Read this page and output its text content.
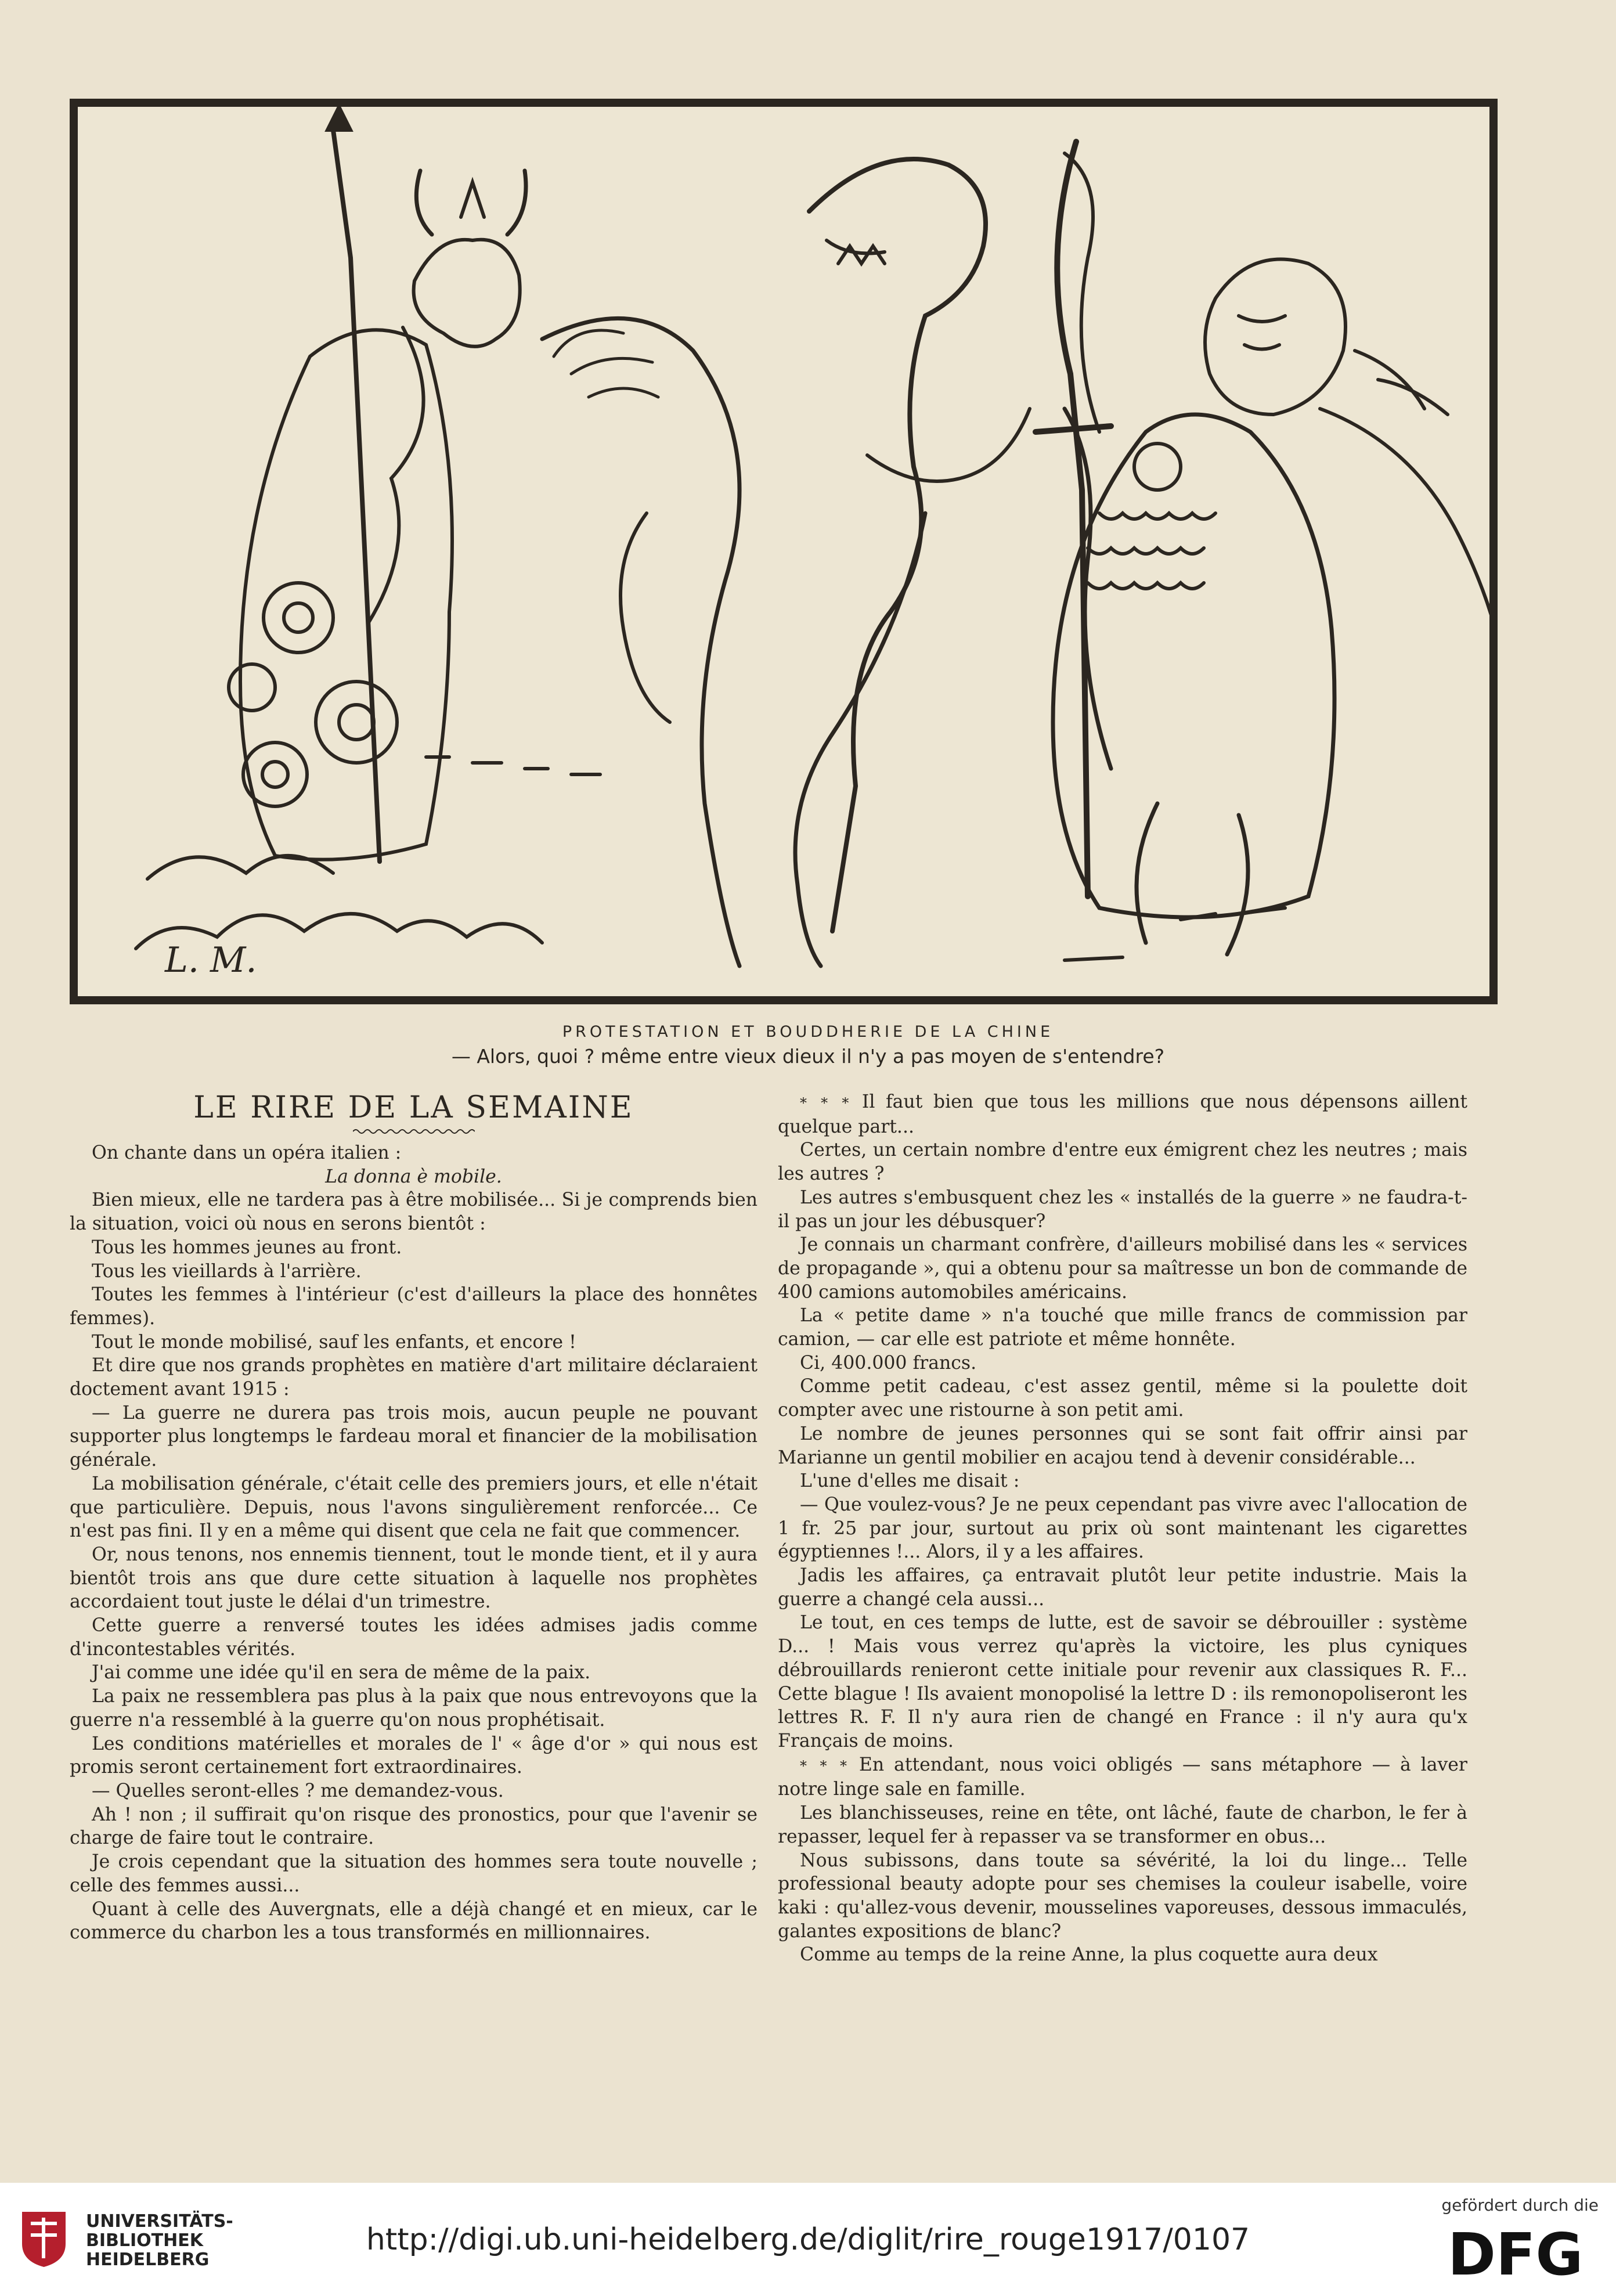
L. M.
PROTESTATION ET BOUDDHERIE DE LA CHINE
— Alors, quoi ? même entre vieux dieux il n'y a pas moyen de s'entendre?
LE RIRE DE LA SEMAINE

On chante dans un opéra italien :

La donna è mobile.

Bien mieux, elle ne tardera pas à être mobilisée... Si je comprends bien la situation, voici où nous en serons bientôt :

Tous les hommes jeunes au front.

Tous les vieillards à l'arrière.

Toutes les femmes à l'intérieur (c'est d'ailleurs la place des honnêtes femmes).

Tout le monde mobilisé, sauf les enfants, et encore !

Et dire que nos grands prophètes en matière d'art militaire déclaraient doctement avant 1915 :

— La guerre ne durera pas trois mois, aucun peuple ne pouvant supporter plus longtemps le fardeau moral et financier de la mobilisation générale.

La mobilisation générale, c'était celle des premiers jours, et elle n'était que particulière. Depuis, nous l'avons singulièrement renforcée... Ce n'est pas fini. Il y en a même qui disent que cela ne fait que commencer.

Or, nous tenons, nos ennemis tiennent, tout le monde tient, et il y aura bientôt trois ans que dure cette situation à laquelle nos prophètes accordaient tout juste le délai d'un trimestre.

Cette guerre a renversé toutes les idées admises jadis comme d'incontestables vérités.

J'ai comme une idée qu'il en sera de même de la paix.

La paix ne ressemblera pas plus à la paix que nous entrevoyons que la guerre n'a ressemblé à la guerre qu'on nous prophétisait.

Les conditions matérielles et morales de l' « âge d'or » qui nous est promis seront certainement fort extraordinaires.

— Quelles seront-elles ? me demandez-vous.

Ah ! non ; il suffirait qu'on risque des pronostics, pour que l'avenir se charge de faire tout le contraire.

Je crois cependant que la situation des hommes sera toute nouvelle ; celle des femmes aussi...

Quant à celle des Auvergnats, elle a déjà changé et en mieux, car le commerce du charbon les a tous transformés en millionnaires.

* * * Il faut bien que tous les millions que nous dépensons aillent quelque part...

Certes, un certain nombre d'entre eux émigrent chez les neutres ; mais les autres ?

Les autres s'embusquent chez les « installés de la guerre » ne faudra-t-il pas un jour les débusquer?

Je connais un charmant confrère, d'ailleurs mobilisé dans les « services de propagande », qui a obtenu pour sa maîtresse un bon de commande de 400 camions automobiles américains.

La « petite dame » n'a touché que mille francs de commission par camion, — car elle est patriote et même honnête.

Ci, 400.000 francs.

Comme petit cadeau, c'est assez gentil, même si la poulette doit compter avec une ristourne à son petit ami.

Le nombre de jeunes personnes qui se sont fait offrir ainsi par Marianne un gentil mobilier en acajou tend à devenir considérable...

L'une d'elles me disait :

— Que voulez-vous? Je ne peux cependant pas vivre avec l'allocation de 1 fr. 25 par jour, surtout au prix où sont maintenant les cigarettes égyptiennes !... Alors, il y a les affaires.

Jadis les affaires, ça entravait plutôt leur petite industrie. Mais la guerre a changé cela aussi...

Le tout, en ces temps de lutte, est de savoir se débrouiller : système D... ! Mais vous verrez qu'après la victoire, les plus cyniques débrouillards renieront cette initiale pour revenir aux classiques R. F... Cette blague ! Ils avaient monopolisé la lettre D : ils remonopoliseront les lettres R. F. Il n'y aura rien de changé en France : il n'y aura qu'x Français de moins.

* * * En attendant, nous voici obligés — sans métaphore — à laver notre linge sale en famille.

Les blanchisseuses, reine en tête, ont lâché, faute de charbon, le fer à repasser, lequel fer à repasser va se transformer en obus...

Nous subissons, dans toute sa sévérité, la loi du linge... Telle professional beauty adopte pour ses chemises la couleur isabelle, voire kaki : qu'allez-vous devenir, mousselines vaporeuses, dessous immaculés, galantes expositions de blanc?

Comme au temps de la reine Anne, la plus coquette aura deux

UNIVERSITÄTS-
BIBLIOTHEK
HEIDELBERG
http://digi.ub.uni-heidelberg.de/diglit/rire_rouge1917/0107
gefördert durch die
DFG
